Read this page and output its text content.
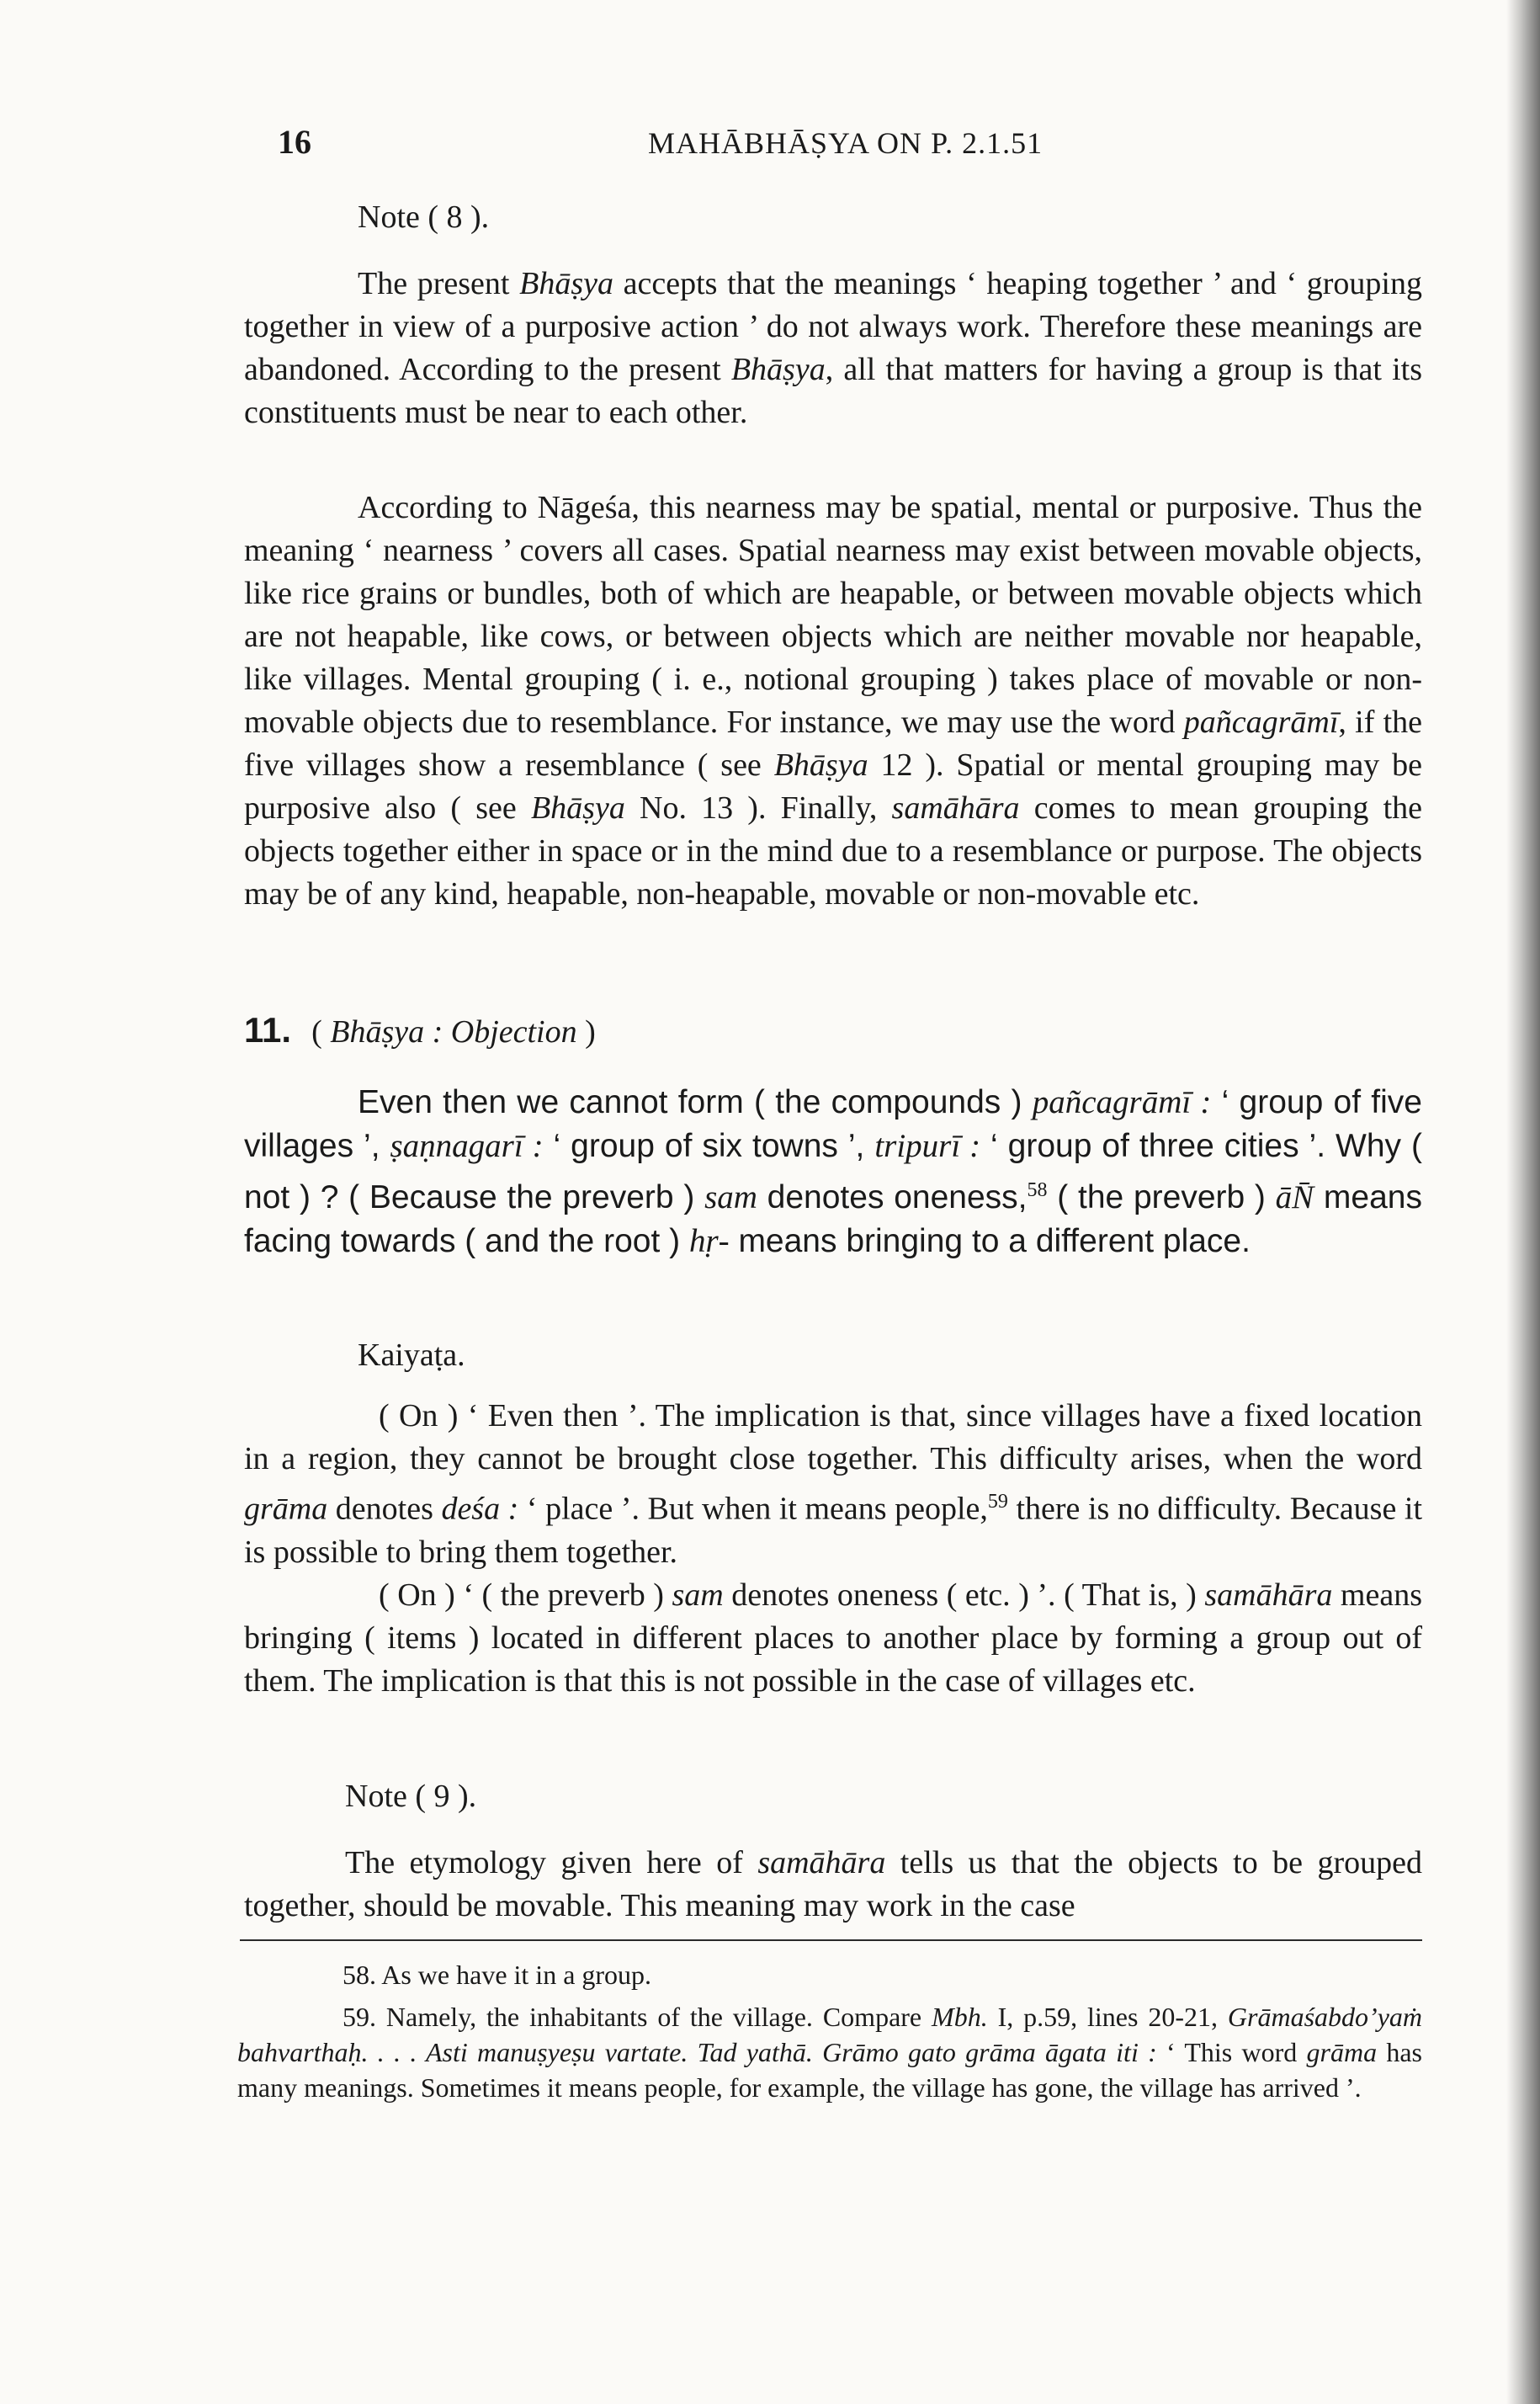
16	MAHĀBHĀṢYA ON P. 2.1.51
Note ( 8 ).
The present Bhāṣya accepts that the meanings ‘ heaping together ’ and ‘ grouping together in view of a purposive action ’ do not always work. Therefore these meanings are abandoned. According to the present Bhāṣya, all that matters for having a group is that its constituents must be near to each other.
According to Nāgeśa, this nearness may be spatial, mental or purposive. Thus the meaning ‘ nearness ’ covers all cases. Spatial nearness may exist between movable objects, like rice grains or bundles, both of which are heapable, or between movable objects which are not heapable, like cows, or between objects which are neither movable nor heapable, like villages. Mental grouping ( i. e., notional grouping ) takes place of movable or non-movable objects due to resemblance. For instance, we may use the word pañcagrāmī, if the five villages show a resemblance ( see Bhāṣya 12 ). Spatial or mental grouping may be purposive also ( see Bhāṣya No. 13 ). Finally, samāhāra comes to mean grouping the objects together either in space or in the mind due to a resemblance or purpose. The objects may be of any kind, heapable, non-heapable, movable or non-movable etc.
11. ( Bhāṣya : Objection )
Even then we cannot form ( the compounds ) pañcagrāmī : ‘ group of five villages ’, ṣaṇnagarī : ‘ group of six towns ’, tripurī : ‘ group of three cities ’. Why ( not ) ? ( Because the preverb ) sam denotes oneness,$^{58}$ ( the preverb ) āN̄ means facing towards ( and the root ) hṛ- means bringing to a different place.
Kaiyaṭa.
( On ) ‘ Even then ’. The implication is that, since villages have a fixed location in a region, they cannot be brought close together. This difficulty arises, when the word grāma denotes deśa : ‘ place ’. But when it means people,$^{59}$ there is no difficulty. Because it is possible to bring them together.
( On ) ‘ ( the preverb ) sam denotes oneness ( etc. ) ’. ( That is, ) samāhāra means bringing ( items ) located in different places to another place by forming a group out of them. The implication is that this is not possible in the case of villages etc.
Note ( 9 ).
The etymology given here of samāhāra tells us that the objects to be grouped together, should be movable. This meaning may work in the case
58. As we have it in a group.
59. Namely, the inhabitants of the village. Compare Mbh. I, p.59, lines 20-21, Grāmaśabdo’yaṁ bahvarthaḥ. . . . Asti manuṣyeṣu vartate. Tad yathā. Grāmo gato grāma āgata iti : ‘ This word grāma has many meanings. Sometimes it means people, for example, the village has gone, the village has arrived ’.
